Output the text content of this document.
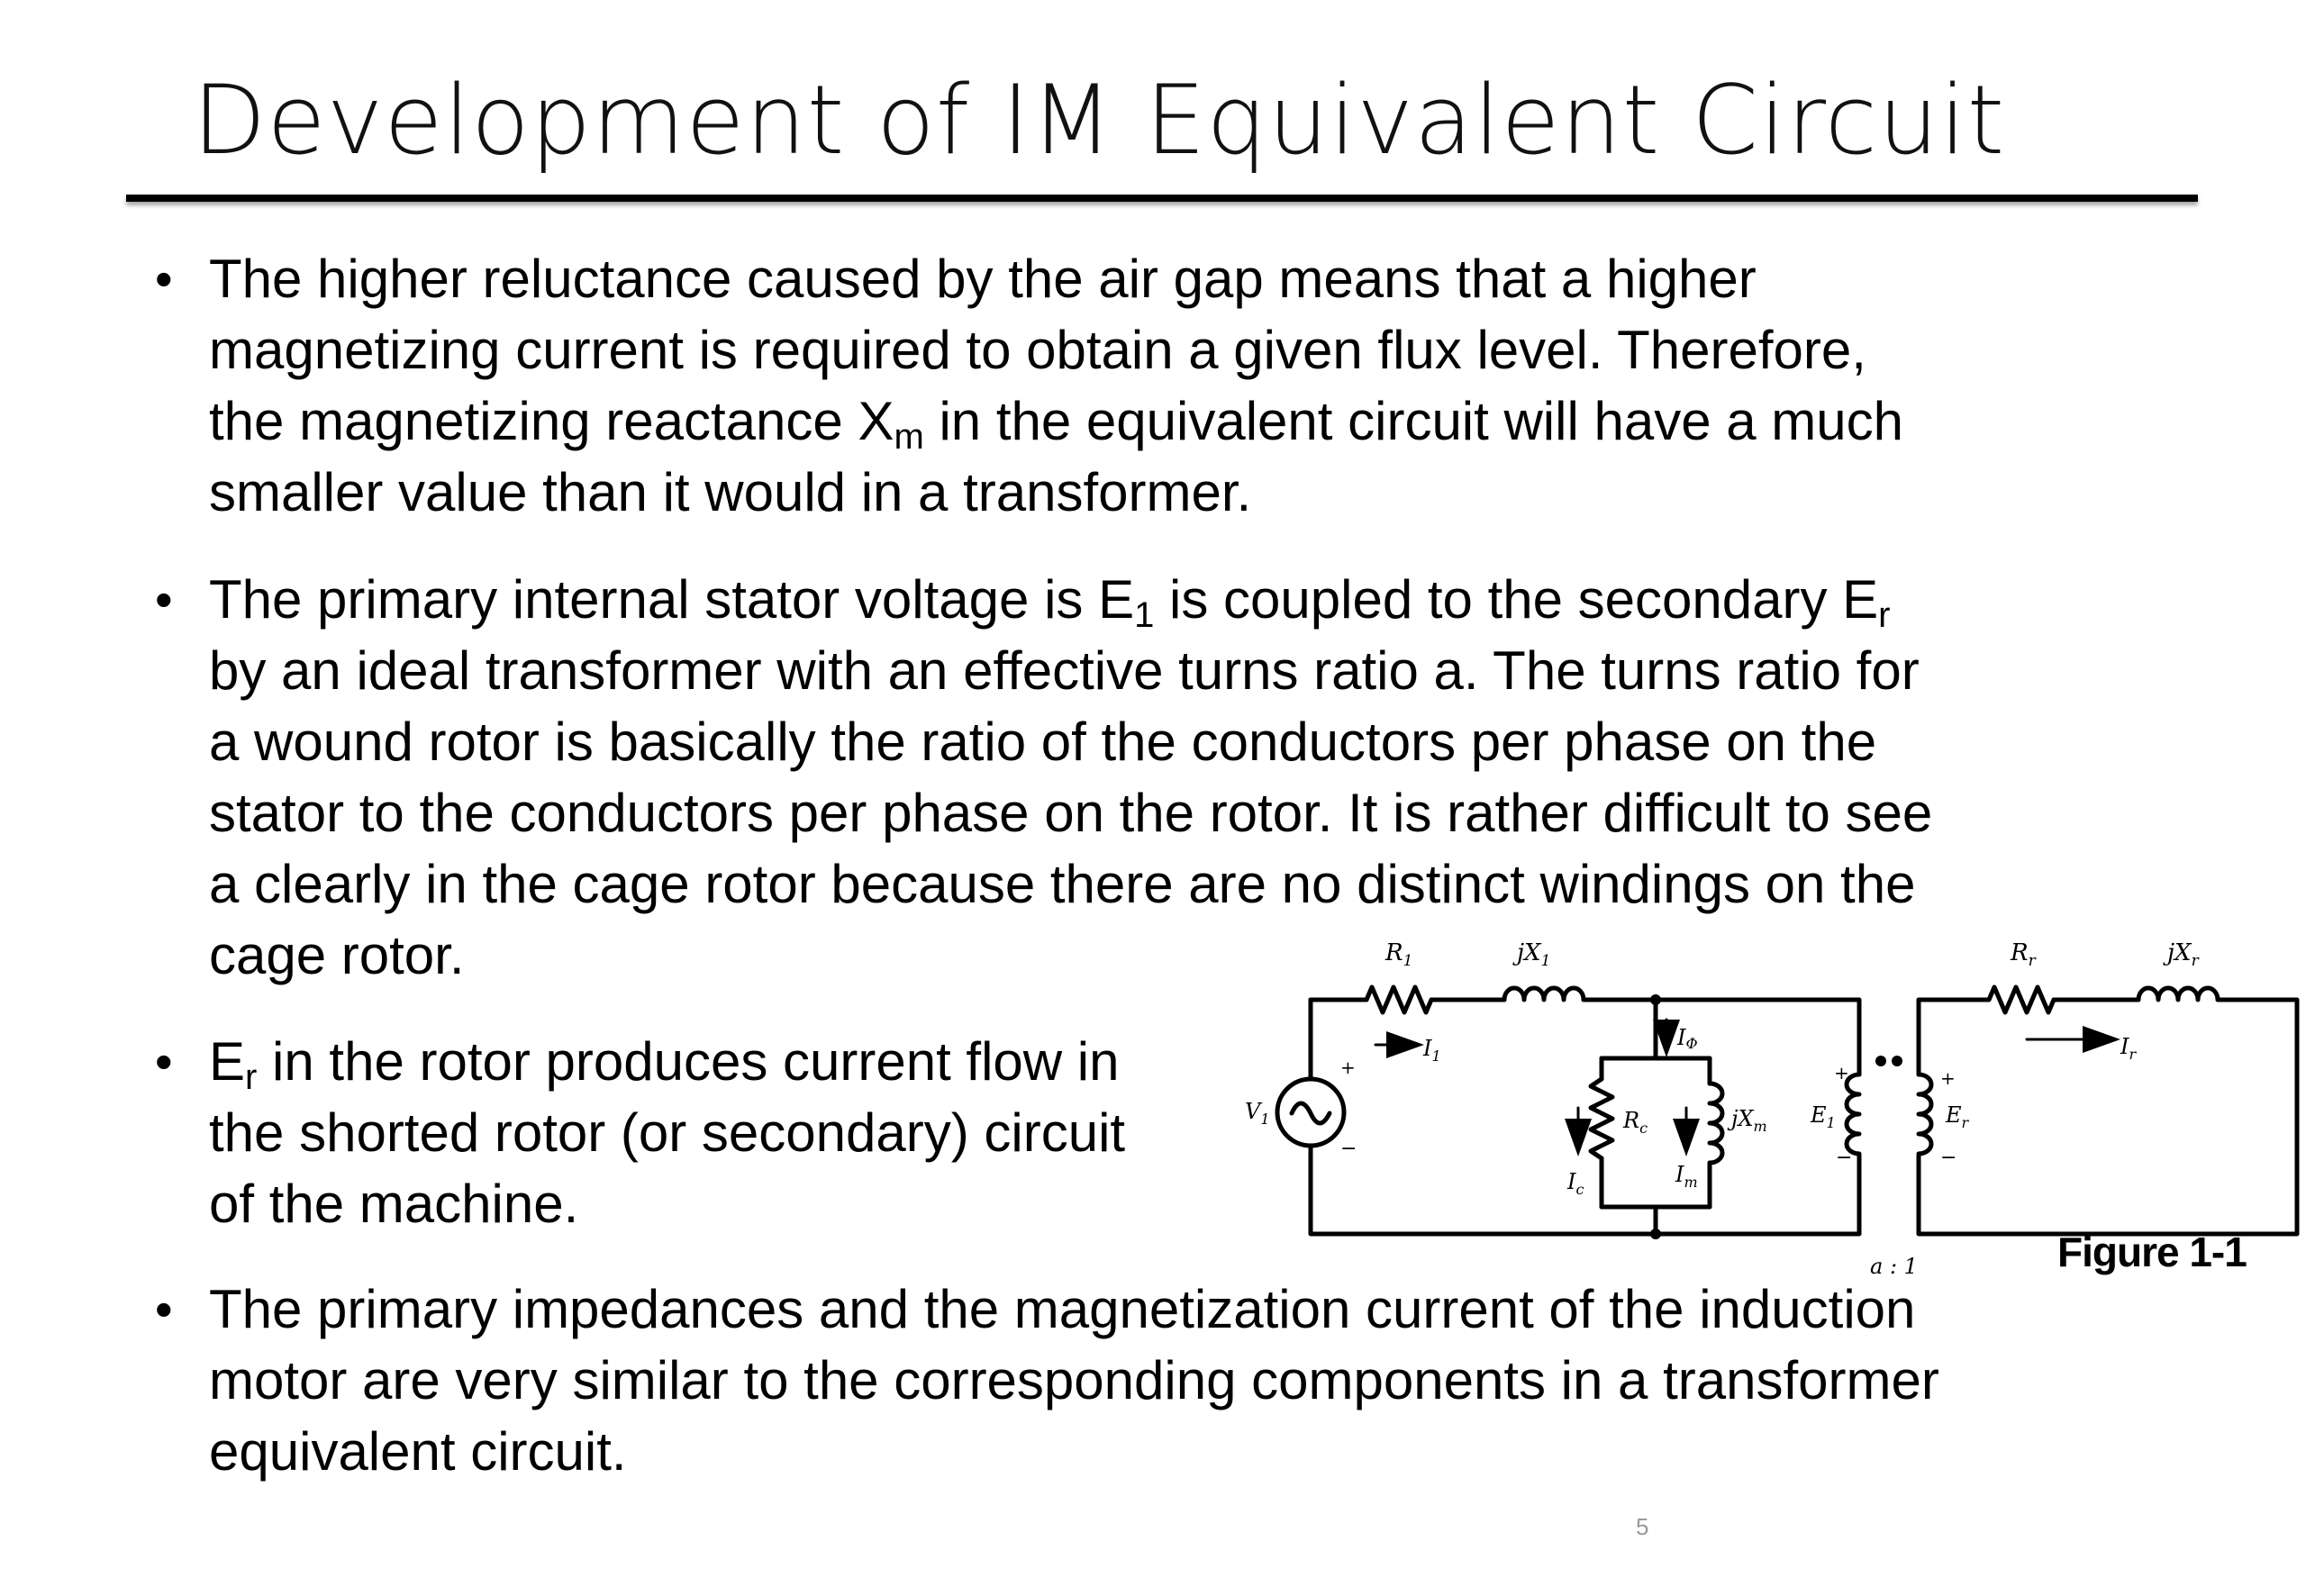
Development of IM Equivalent Circuit
• The higher reluctance caused by the air gap means that a higher
magnetizing current is required to obtain a given flux level. Therefore,
the magnetizing reactance $X_m$ in the equivalent circuit will have a much
smaller value than it would in a transformer.
• The primary internal stator voltage is $E_1$ is coupled to the secondary $E_r$
by an ideal transformer with an effective turns ratio a. The turns ratio for
a wound rotor is basically the ratio of the conductors per phase on the
stator to the conductors per phase on the rotor. It is rather difficult to see
a clearly in the cage rotor because there are no distinct windings on the
cage rotor.
• $E_r$ in the rotor produces current flow in
the shorted rotor (or secondary) circuit
of the machine.
• The primary impedances and the magnetization current of the induction
motor are very similar to the corresponding components in a transformer
equivalent circuit.
$R_1$	$jX_1$	$R_r$	$jX_r$
$I_1$
IΦ
$V_1$
+
−
$R_c$
$I_c$
$I_m$
$jX_m$ $E_1$
+
−
$E_r$
+
−
$I_r$
a : 1	Figure 1-1
5
